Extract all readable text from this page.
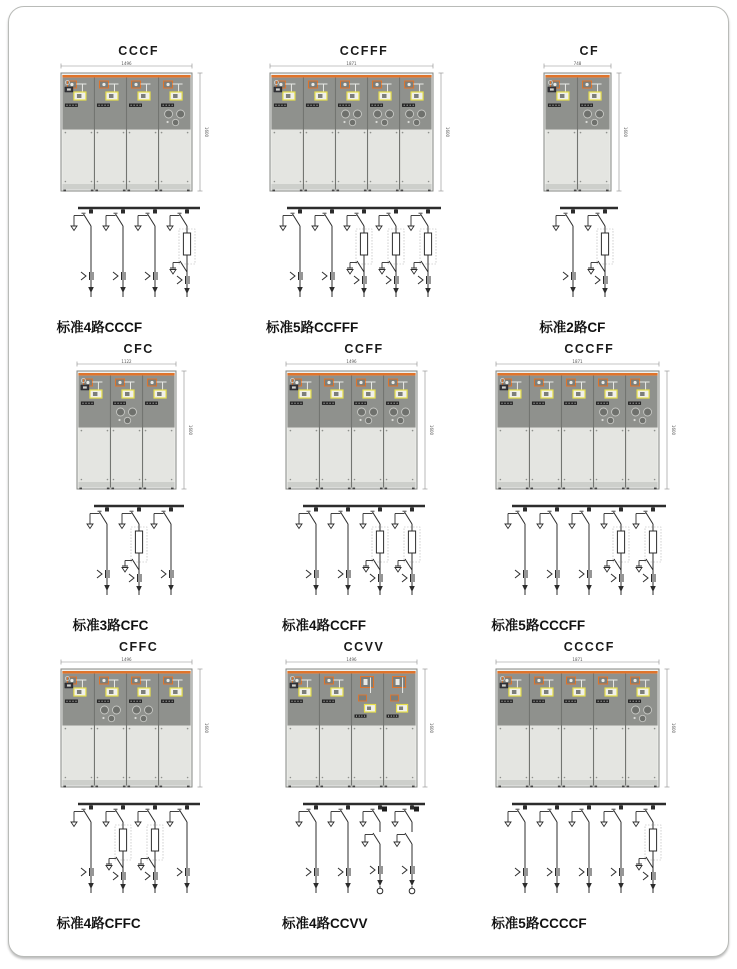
CCCF
1496
1600
标准4路CCCF
CCFFF
1871
1600
标准5路CCFFF
CF
748
1600
标准2路CF
CFC
1122
1600
标准3路CFC
CCFF
1496
1600
标准4路CCFF
CCCFF
1871
1600
标准5路CCCFF
CFFC
1496
1600
标准4路CFFC
CCVV
1496
1600
标准4路CCVV
CCCCF
1871
1600
标准5路CCCCF
